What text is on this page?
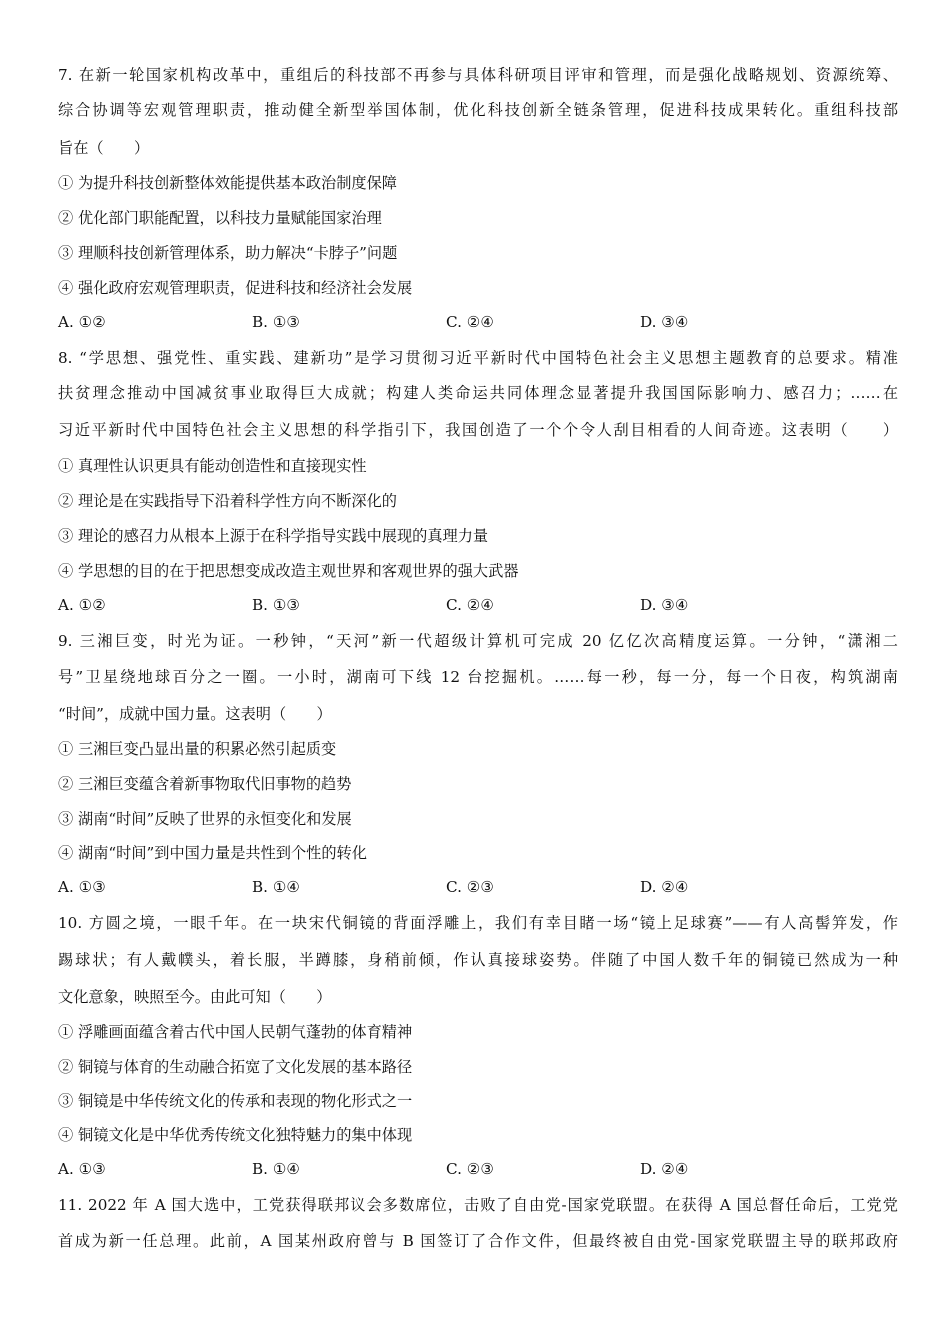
7. 在新一轮国家机构改革中，重组后的科技部不再参与具体科研项目评审和管理，而是强化战略规划、资源统筹、
综合协调等宏观管理职责，推动健全新型举国体制，优化科技创新全链条管理，促进科技成果转化。重组科技部
旨在（　　）
① 为提升科技创新整体效能提供基本政治制度保障
② 优化部门职能配置，以科技力量赋能国家治理
③ 理顺科技创新管理体系，助力解决“卡脖子”问题
④ 强化政府宏观管理职责，促进科技和经济社会发展
A. ①②	B. ①③	C. ②④	D. ③④
8. “学思想、强党性、重实践、建新功”是学习贯彻习近平新时代中国特色社会主义思想主题教育的总要求。精准
扶贫理念推动中国减贫事业取得巨大成就；构建人类命运共同体理念显著提升我国国际影响力、感召力；……在
习近平新时代中国特色社会主义思想的科学指引下，我国创造了一个个令人刮目相看的人间奇迹。这表明（　　）
① 真理性认识更具有能动创造性和直接现实性
② 理论是在实践指导下沿着科学性方向不断深化的
③ 理论的感召力从根本上源于在科学指导实践中展现的真理力量
④ 学思想的目的在于把思想变成改造主观世界和客观世界的强大武器
A. ①②	B. ①③	C. ②④	D. ③④
9. 三湘巨变，时光为证。一秒钟，“天河”新一代超级计算机可完成 20 亿亿次高精度运算。一分钟，“潇湘二
号”卫星绕地球百分之一圈。一小时，湖南可下线 12 台挖掘机。……每一秒，每一分，每一个日夜，构筑湖南
“时间”，成就中国力量。这表明（　　）
① 三湘巨变凸显出量的积累必然引起质变
② 三湘巨变蕴含着新事物取代旧事物的趋势
③ 湖南“时间”反映了世界的永恒变化和发展
④ 湖南“时间”到中国力量是共性到个性的转化
A. ①③	B. ①④	C. ②③	D. ②④
10. 方圆之境，一眼千年。在一块宋代铜镜的背面浮雕上，我们有幸目睹一场“镜上足球赛”——有人高髻笄发，作
踢球状；有人戴幞头，着长服，半蹲膝，身稍前倾，作认真接球姿势。伴随了中国人数千年的铜镜已然成为一种
文化意象，映照至今。由此可知（　　）
① 浮雕画面蕴含着古代中国人民朝气蓬勃的体育精神
② 铜镜与体育的生动融合拓宽了文化发展的基本路径
③ 铜镜是中华传统文化的传承和表现的物化形式之一
④ 铜镜文化是中华优秀传统文化独特魅力的集中体现
A. ①③	B. ①④	C. ②③	D. ②④
11. 2022 年 A 国大选中，工党获得联邦议会多数席位，击败了自由党-国家党联盟。在获得 A 国总督任命后，工党党
首成为新一任总理。此前，A 国某州政府曾与 B 国签订了合作文件，但最终被自由党-国家党联盟主导的联邦政府
